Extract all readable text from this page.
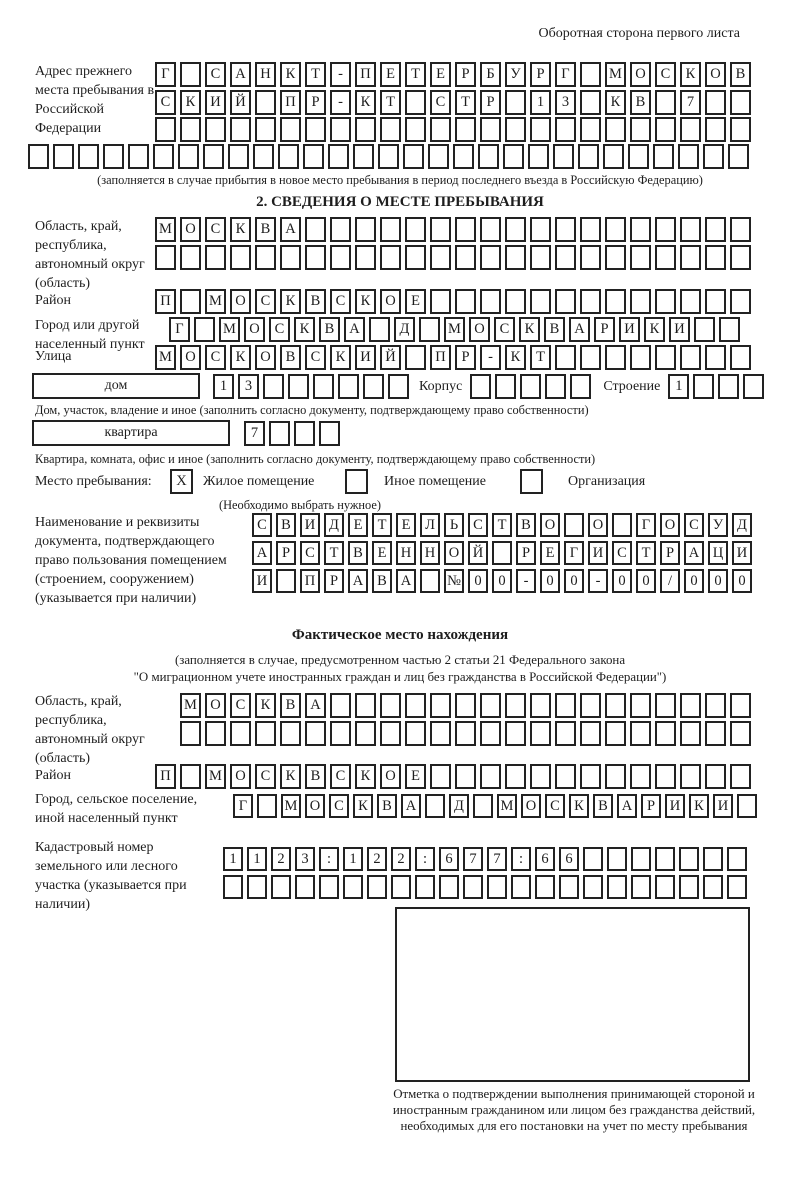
Оборотная сторона первого листа
Адрес прежнего места пребывания в Российской Федерации
Г	С	А	Н	К	Т	-	П	Е	Т	Е	Р	Б	У	Р	Г	М О	С	К	О	В
С	К	И	Й	П	Р	-	К	Т	С	Т	Р	1	3	К	В	7
(заполняется в случае прибытия в новое место пребывания в период последнего въезда в Российскую Федерацию)
2. СВЕДЕНИЯ О МЕСТЕ ПРЕБЫВАНИЯ
Область, край, республика, автономный округ (область)
М О	С	К	В	А
Район	П	М О	С	К	В	С	К	О	Е
Город или другой населенный пункт
Г	М О	С	К	В	А	Д	М О	С	К	В	А	Р	И	К	И
Улица	М О	С	К	О	В	С	К	И	Й	П	Р	-	К	Т
дом	1	3	Корпус	Строение	1
Дом, участок, владение и иное (заполнить согласно документу, подтверждающему право собственности)
квартира	7
Квартира, комната, офис и иное (заполнить согласно документу, подтверждающему право собственности)
Место пребывания:	X	Жилое помещение	Иное помещение	Организация
(Необходимо выбрать нужное)
Наименование и реквизиты документа, подтверждающего право пользования помещением (строением, сооружением) (указывается при наличии)
С В И Д	Е	Т	Е	Л	Ь	С	Т	В О	О	Г	О С У Д
А	Р	С	Т	В	Е Н Н О Й	Р	Е	Г	И С	Т	Р	А Ц И
И	П	Р	А В А	№ 0	0	-	0	0	-	0	0	/	0	0	0
Фактическое место нахождения
(заполняется в случае, предусмотренном частью 2 статьи 21 Федерального закона
"О миграционном учете иностранных граждан и лиц без гражданства в Российской Федерации")
Область, край, республика, автономный округ (область)
М О	С	К	В	А
Район	П	М О	С	К	В	С	К	О	Е
Город, сельское поселение, иной населенный пункт
Г	М О С К В А	Д	М О С К В А	Р	И К И
Кадастровый номер земельного или лесного участка (указывается при наличии)
1	1	2	3	:	1	2	2	:	6	7	7	:	6	6
Отметка о подтверждении выполнения принимающей стороной и иностранным гражданином или лицом без гражданства действий, необходимых для его постановки на учет по месту пребывания
